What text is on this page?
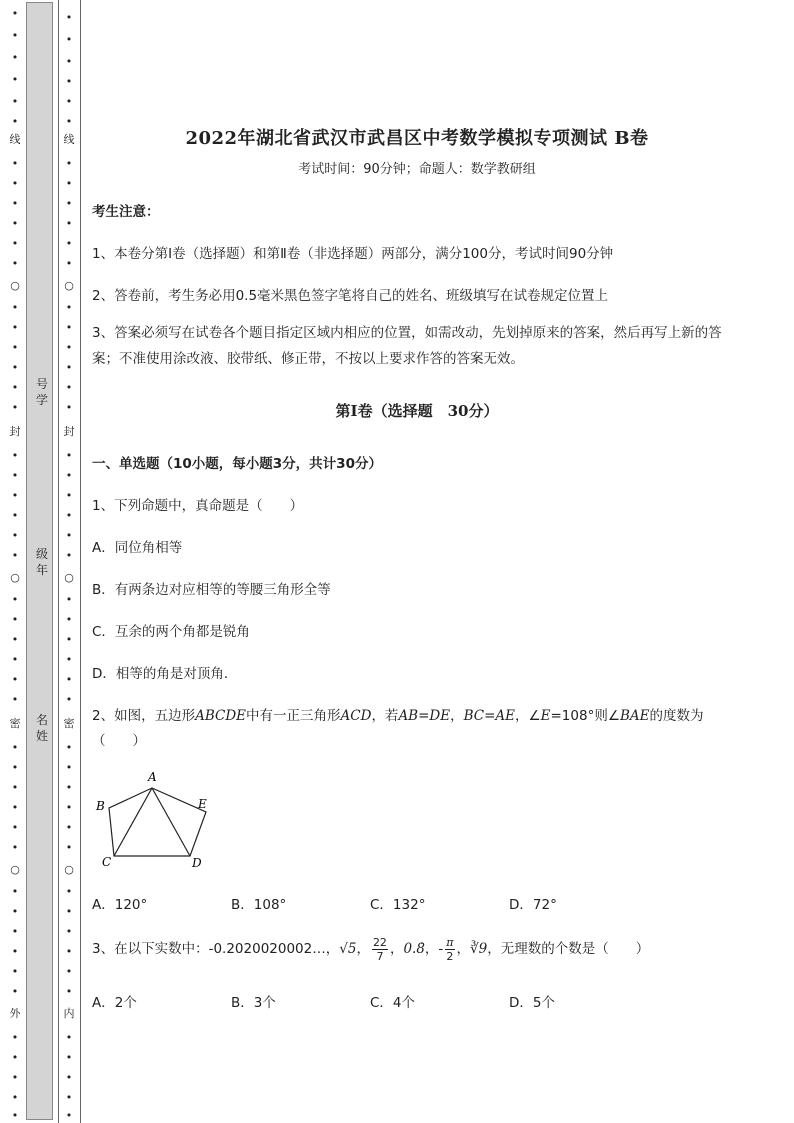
•
•
•
•
•
•
线
•
•
•
•
•
•
○
•
•
•
•
•
•
封
•
•
•
•
•
•
○
•
•
•
•
•
•
密
•
•
•
•
•
•
○
•
•
•
•
•
•
外
•
•
•
•
•
号学
级年
名姓
•
•
•
•
•
•
线
•
•
•
•
•
•
○
•
•
•
•
•
•
封
•
•
•
•
•
•
○
•
•
•
•
•
•
密
•
•
•
•
•
•
○
•
•
•
•
•
•
内
•
•
•
•
•
2022年湖北省武汉市武昌区中考数学模拟专项测试 B卷
考试时间：90分钟；命题人：数学教研组
考生注意：
1、本卷分第I卷（选择题）和第Ⅱ卷（非选择题）两部分，满分100分，考试时间90分钟
2、答卷前，考生务必用0.5毫米黑色签字笔将自己的姓名、班级填写在试卷规定位置上
3、答案必须写在试卷各个题目指定区域内相应的位置，如需改动，先划掉原来的答案，然后再写上新的答案；不准使用涂改液、胶带纸、修正带，不按以上要求作答的答案无效。
第I卷（选择题　30分）
一、单选题（10小题，每小题3分，共计30分）
1、下列命题中，真命题是（　　）
A．同位角相等
B．有两条边对应相等的等腰三角形全等
C．互余的两个角都是锐角
D．相等的角是对顶角．
2、如图，五边形ABCDE中有一正三角形ACD，若AB=DE，BC=AE，∠E=108°则∠BAE的度数为
（　　）
A．120°	B．108°	C．132°	D．72°
3、在以下实数中：-0.2020020002…，√5， $\frac{22}{7}$ ，0.8̇，- $\frac{\pi}{2}$ ，∛9，无理数的个数是（　　）
A．2个	B．3个	C．4个	D．5个
A
B
C	D
E
